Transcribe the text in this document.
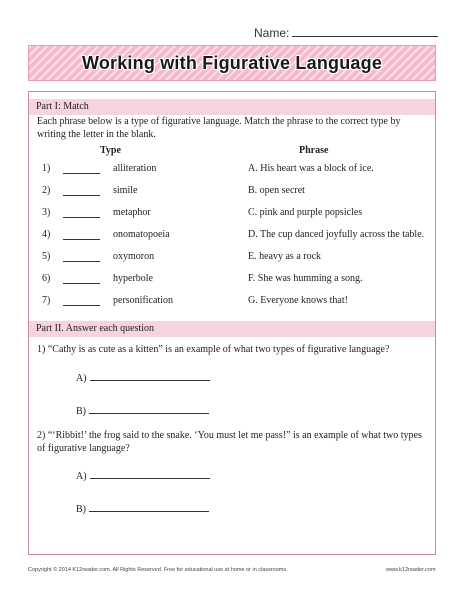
Name:
Working with Figurative Language
Part I: Match
Each phrase below is a type of figurative language. Match the phrase to the correct type by writing the letter in the blank.
Type	Phrase
1)	alliteration	A. His heart was a block of ice.
2)	simile	B. open secret
3)	metaphor	C. pink and purple popsicles
4)	onomatopoeia	D. The cup danced joyfully across the table.
5)	oxymoron	E. heavy as a rock
6)	hyperbole	F. She was humming a song.
7)	personification	G. Everyone knows that!
Part II. Answer each question
1) “Cathy is as cute as a kitten” is an example of what two types of figurative language?
A)
B)
2) “‘Ribbit!’ the frog said to the snake. ‘You must let me pass!” is an example of what two types of figurative language?
A)
B)
Copyright © 2014 K12reader.com. All Rights Reserved. Free for educational use at home or in classrooms.	www.k12reader.com
